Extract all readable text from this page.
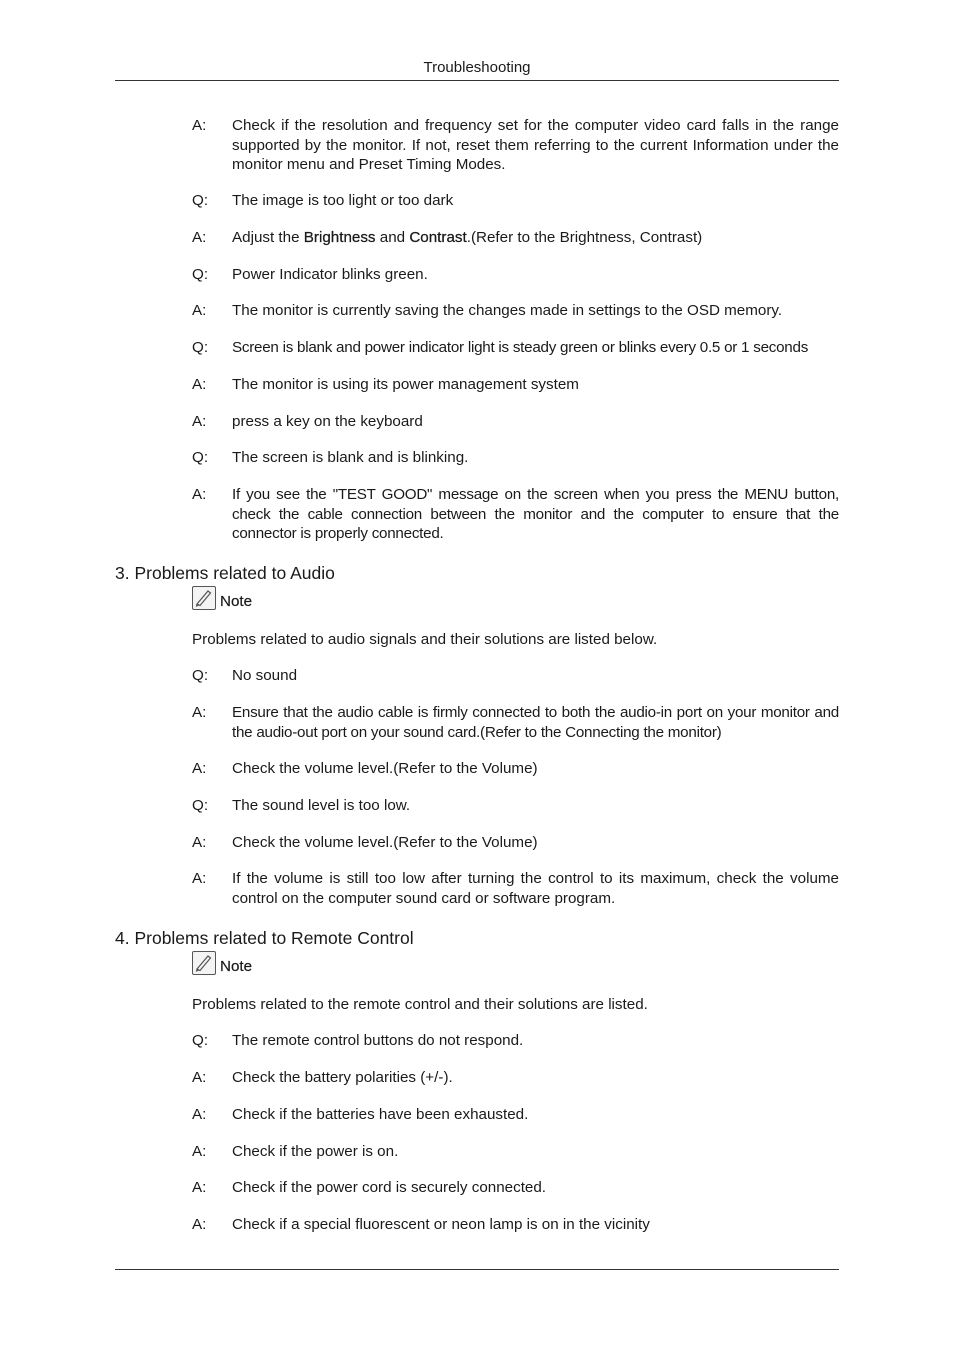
Troubleshooting
A:	Check if the resolution and frequency set for the computer video card falls in the range supported by the monitor. If not, reset them referring to the current Information under the monitor menu and Preset Timing Modes.
Q:	The image is too light or too dark
A:	Adjust the Brightness and Contrast.(Refer to the Brightness, Contrast)
Q:	Power Indicator blinks green.
A:	The monitor is currently saving the changes made in settings to the OSD memory.
Q:	Screen is blank and power indicator light is steady green or blinks every 0.5 or 1 seconds
A:	The monitor is using its power management system
A:	press a key on the keyboard
Q:	The screen is blank and is blinking.
A:	If you see the "TEST GOOD" message on the screen when you press the MENU button, check the cable connection between the monitor and the computer to ensure that the connector is properly connected.
3. Problems related to Audio
Note
Problems related to audio signals and their solutions are listed below.
Q:	No sound
A:	Ensure that the audio cable is firmly connected to both the audio-in port on your monitor and the audio-out port on your sound card.(Refer to the Connecting the monitor)
A:	Check the volume level.(Refer to the Volume)
Q:	The sound level is too low.
A:	Check the volume level.(Refer to the Volume)
A:	If the volume is still too low after turning the control to its maximum, check the volume control on the computer sound card or software program.
4. Problems related to Remote Control
Note
Problems related to the remote control and their solutions are listed.
Q:	The remote control buttons do not respond.
A:	Check the battery polarities (+/-).
A:	Check if the batteries have been exhausted.
A:	Check if the power is on.
A:	Check if the power cord is securely connected.
A:	Check if a special fluorescent or neon lamp is on in the vicinity
